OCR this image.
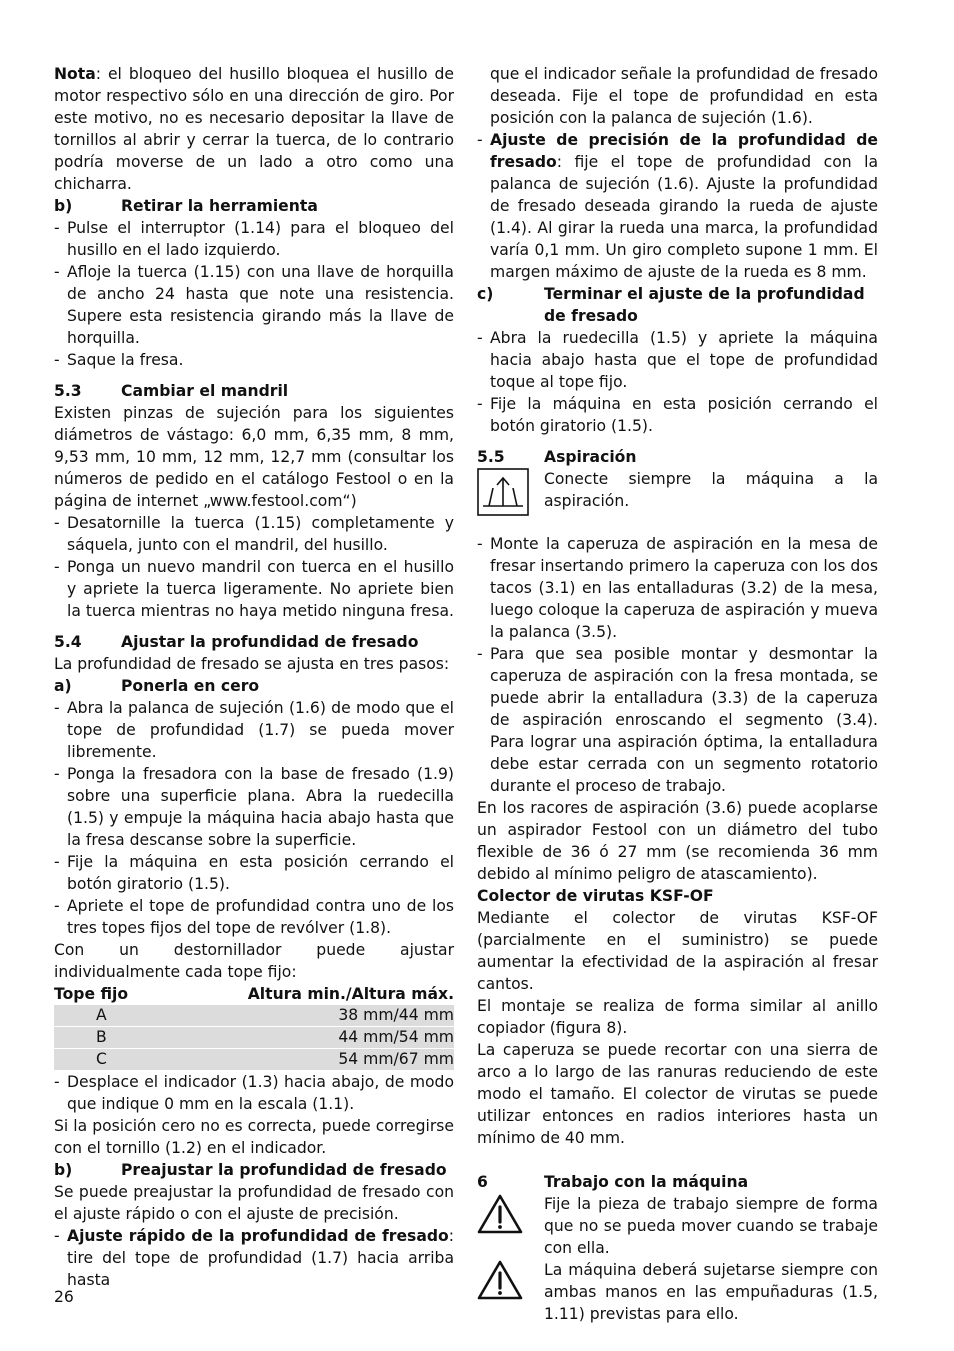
Nota: el bloqueo del husillo bloquea el husillo de motor respectivo sólo en una dirección de giro. Por este motivo, no es necesario depositar la llave de tornillos al abrir y cerrar la tuerca, de lo contrario podría moverse de un lado a otro como una chicharra.

b)	Retirar la herramienta
- Pulse el interruptor (1.14) para el bloqueo del husillo en el lado izquierdo.
- Afloje la tuerca (1.15) con una llave de horquilla de ancho 24 hasta que note una resistencia. Supere esta resistencia girando más la llave de horquilla.
- Saque la fresa.
5.3	Cambiar el mandril

Existen pinzas de sujeción para los siguientes diámetros de vástago: 6,0 mm, 6,35 mm, 8 mm, 9,53 mm, 10 mm, 12 mm, 12,7 mm (consultar los números de pedido en el catálogo Festool o en la página de internet „www.festool.com“)

- Desatornille la tuerca (1.15) completamente y sáquela, junto con el mandril, del husillo.
- Ponga un nuevo mandril con tuerca en el husillo y apriete la tuerca ligeramente. No apriete bien la tuerca mientras no haya metido ninguna fresa.
5.4	Ajustar la profundidad de fresado

La profundidad de fresado se ajusta en tres pasos:

a)	Ponerla en cero
- Abra la palanca de sujeción (1.6) de modo que el tope de profundidad (1.7) se pueda mover libremente.
- Ponga la fresadora con la base de fresado (1.9) sobre una superficie plana. Abra la ruedecilla (1.5) y empuje la máquina hacia abajo hasta que la fresa descanse sobre la superficie.
- Fije la máquina en esta posición cerrando el botón giratorio (1.5).
- Apriete el tope de profundidad contra uno de los tres topes fijos del tope de revólver (1.8).

Con un destornillador puede ajustar individualmente cada tope fijo:

Tope fijo	Altura min./Altura máx.
A	38 mm/44 mm
B	44 mm/54 mm
C	54 mm/67 mm
- Desplace el indicador (1.3) hacia abajo, de modo que indique 0 mm en la escala (1.1).

Si la posición cero no es correcta, puede corregirse con el tornillo (1.2) en el indicador.

b)	Preajustar la profundidad de fresado

Se puede preajustar la profundidad de fresado con el ajuste rápido o con el ajuste de precisión.

- Ajuste rápido de la profundidad de fresado: tire del tope de profundidad (1.7) hacia arriba hasta
que el indicador señale la profundidad de fresado deseada. Fije el tope de profundidad en esta posición con la palanca de sujeción (1.6).
- Ajuste de precisión de la profundidad de fresado: fije el tope de profundidad con la palanca de sujeción (1.6). Ajuste la profundidad de fresado deseada girando la rueda de ajuste (1.4). Al girar la rueda una marca, la profundidad varía 0,1 mm. Un giro completo supone 1 mm. El margen máximo de ajuste de la rueda es 8 mm.
c)	Terminar el ajuste de la profundidad de fresado
- Abra la ruedecilla (1.5) y apriete la máquina hacia abajo hasta que el tope de profundidad toque al tope fijo.
- Fije la máquina en esta posición cerrando el botón giratorio (1.5).
5.5	Aspiración
Conecte siempre la máquina a la aspiración.
- Monte la caperuza de aspiración en la mesa de fresar insertando primero la caperuza con los dos tacos (3.1) en las entalladuras (3.2) de la mesa, luego coloque la caperuza de aspiración y mueva la palanca (3.5).
- Para que sea posible montar y desmontar la caperuza de aspiración con la fresa montada, se puede abrir la entalladura (3.3) de la caperuza de aspiración enroscando el segmento (3.4). Para lograr una aspiración óptima, la entalladura debe estar cerrada con un segmento rotatorio durante el proceso de trabajo.

En los racores de aspiración (3.6) puede acoplarse un aspirador Festool con un diámetro del tubo flexible de 36 ó 27 mm (se recomienda 36 mm debido al mínimo peligro de atascamiento).

Colector de virutas KSF-OF

Mediante el colector de virutas KSF-OF (parcialmente en el suministro) se puede aumentar la efectividad de la aspiración al fresar cantos.

El montaje se realiza de forma similar al anillo copiador (figura 8).

La caperuza se puede recortar con una sierra de arco a lo largo de las ranuras reduciendo de este modo el tamaño. El colector de virutas se puede utilizar entonces en radios interiores hasta un mínimo de 40 mm.

6	Trabajo con la máquina
Fije la pieza de trabajo siempre de forma que no se pueda mover cuando se trabaje con ella.
La máquina deberá sujetarse siempre con ambas manos en las empuñaduras (1.5, 1.11) previstas para ello.
26
